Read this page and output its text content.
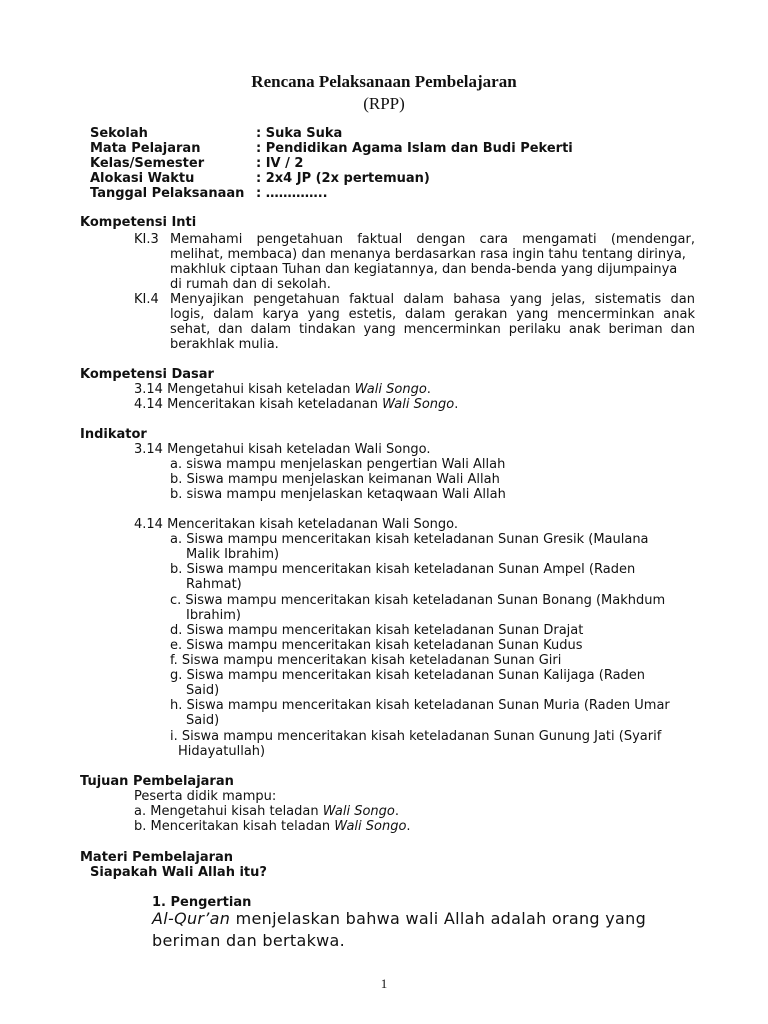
Rencana Pelaksanaan Pembelajaran
(RPP)
Sekolah	: Suka Suka
Mata Pelajaran	: Pendidikan Agama Islam dan Budi Pekerti
Kelas/Semester	: IV / 2
Alokasi Waktu	: 2x4 JP (2x pertemuan)
Tanggal Pelaksanaan : …………..
Kompetensi Inti
KI.3 Memahami pengetahuan faktual dengan cara mengamati (mendengar,
melihat, membaca) dan menanya berdasarkan rasa ingin tahu tentang dirinya,
makhluk ciptaan Tuhan dan kegiatannya, dan benda-benda yang dijumpainya
di rumah dan di sekolah.
KI.4 Menyajikan pengetahuan faktual dalam bahasa yang jelas, sistematis dan
logis, dalam karya yang estetis, dalam gerakan yang mencerminkan anak
sehat, dan dalam tindakan yang mencerminkan perilaku anak beriman dan
berakhlak mulia.
Kompetensi Dasar
3.14 Mengetahui kisah keteladan Wali Songo.
4.14 Menceritakan kisah keteladanan Wali Songo.
Indikator
3.14 Mengetahui kisah keteladan Wali Songo.
a. siswa mampu menjelaskan pengertian Wali Allah
b. Siswa mampu menjelaskan keimanan Wali Allah
b. siswa mampu menjelaskan ketaqwaan Wali Allah
4.14 Menceritakan kisah keteladanan Wali Songo.
a. Siswa mampu menceritakan kisah keteladanan Sunan Gresik (Maulana
Malik Ibrahim)
b. Siswa mampu menceritakan kisah keteladanan Sunan Ampel (Raden
Rahmat)
c. Siswa mampu menceritakan kisah keteladanan Sunan Bonang (Makhdum
Ibrahim)
d. Siswa mampu menceritakan kisah keteladanan Sunan Drajat
e. Siswa mampu menceritakan kisah keteladanan Sunan Kudus
f. Siswa mampu menceritakan kisah keteladanan Sunan Giri
g. Siswa mampu menceritakan kisah keteladanan Sunan Kalijaga (Raden
Said)
h. Siswa mampu menceritakan kisah keteladanan Sunan Muria (Raden Umar
Said)
i. Siswa mampu menceritakan kisah keteladanan Sunan Gunung Jati (Syarif
Hidayatullah)
Tujuan Pembelajaran
Peserta didik mampu:
a. Mengetahui kisah teladan Wali Songo.
b. Menceritakan kisah teladan Wali Songo.
Materi Pembelajaran
Siapakah Wali Allah itu?
1. Pengertian
Al-Qur’an menjelaskan bahwa wali Allah adalah orang yang
beriman dan bertakwa.
1
